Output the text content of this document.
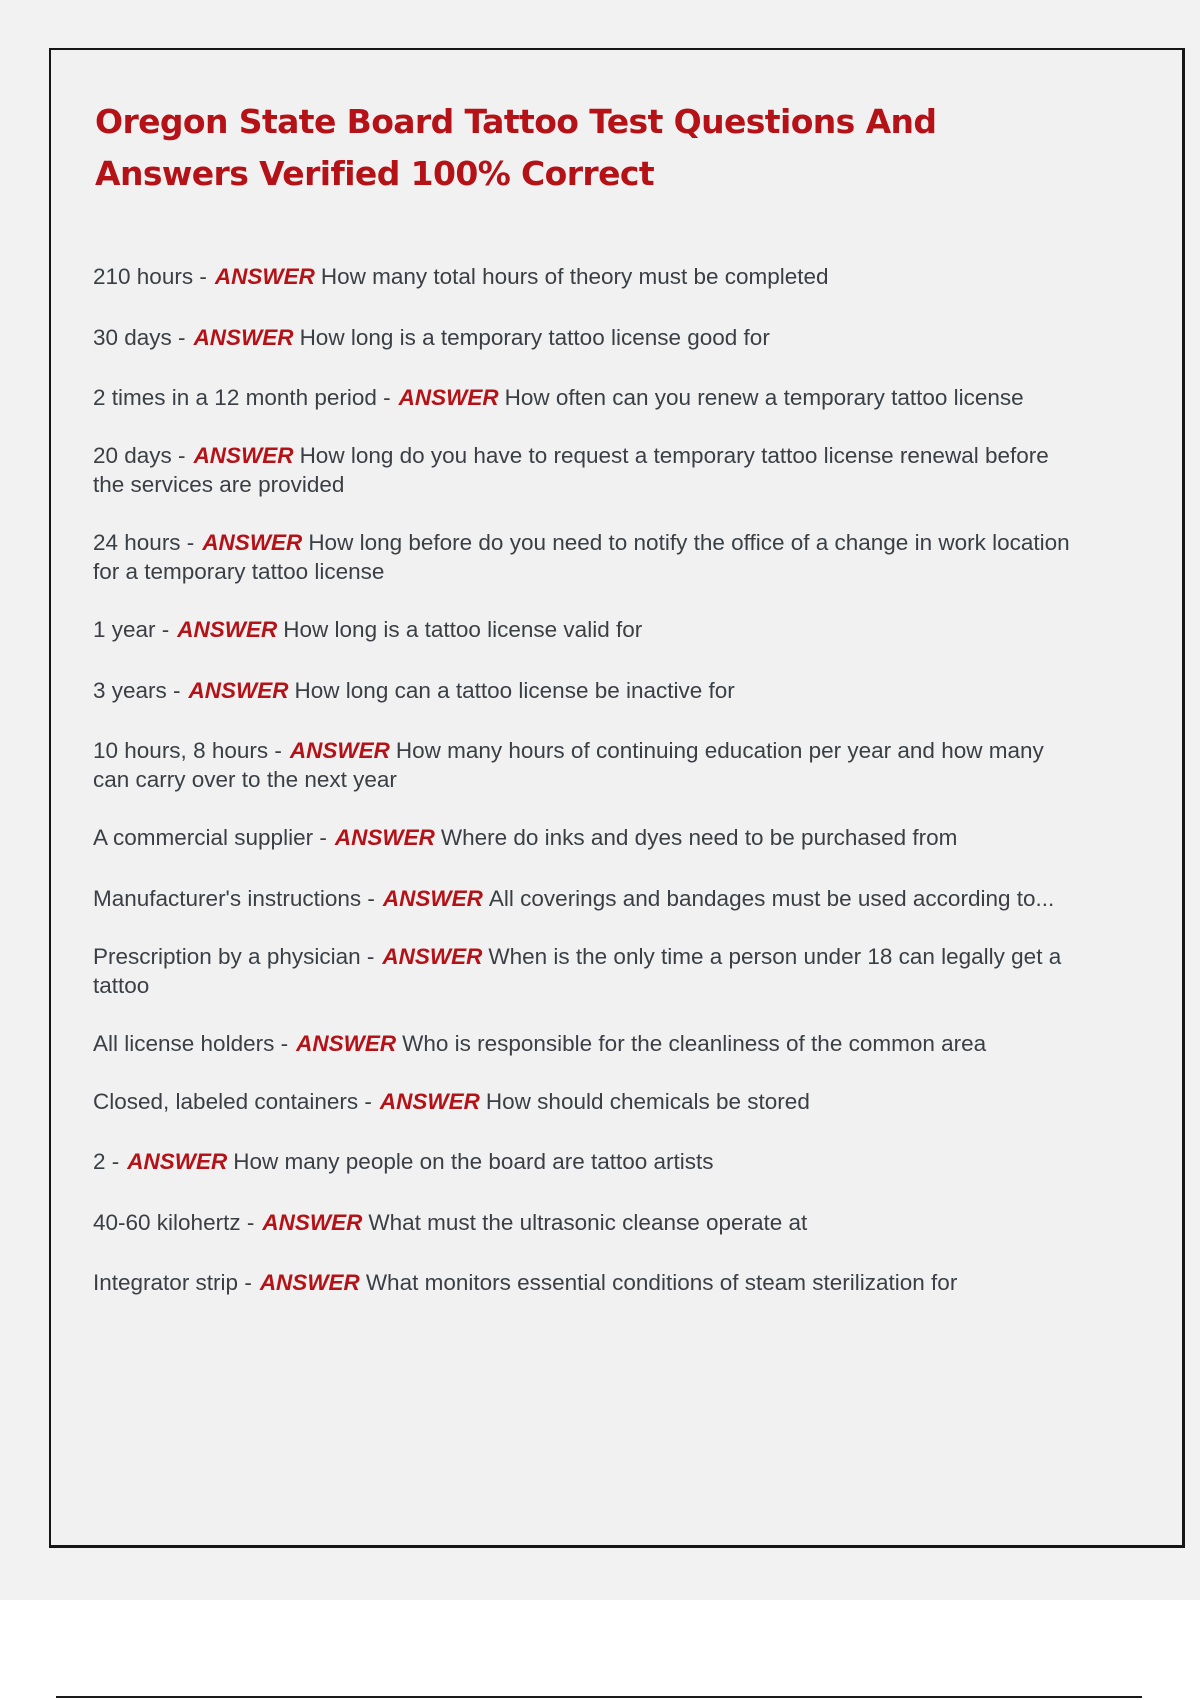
Oregon State Board Tattoo Test Questions And Answers Verified 100% Correct
210 hours - ANSWER How many total hours of theory must be completed
30 days - ANSWER How long is a temporary tattoo license good for
2 times in a 12 month period - ANSWER How often can you renew a temporary tattoo license
20 days - ANSWER How long do you have to request a temporary tattoo license renewal before the services are provided
24 hours - ANSWER How long before do you need to notify the office of a change in work location for a temporary tattoo license
1 year - ANSWER How long is a tattoo license valid for
3 years - ANSWER How long can a tattoo license be inactive for
10 hours, 8 hours - ANSWER How many hours of continuing education per year and how many can carry over to the next year
A commercial supplier - ANSWER Where do inks and dyes need to be purchased from
Manufacturer's instructions - ANSWER All coverings and bandages must be used according to...
Prescription by a physician - ANSWER When is the only time a person under 18 can legally get a tattoo
All license holders - ANSWER Who is responsible for the cleanliness of the common area
Closed, labeled containers - ANSWER How should chemicals be stored
2 - ANSWER How many people on the board are tattoo artists
40-60 kilohertz - ANSWER What must the ultrasonic cleanse operate at
Integrator strip - ANSWER What monitors essential conditions of steam sterilization for
